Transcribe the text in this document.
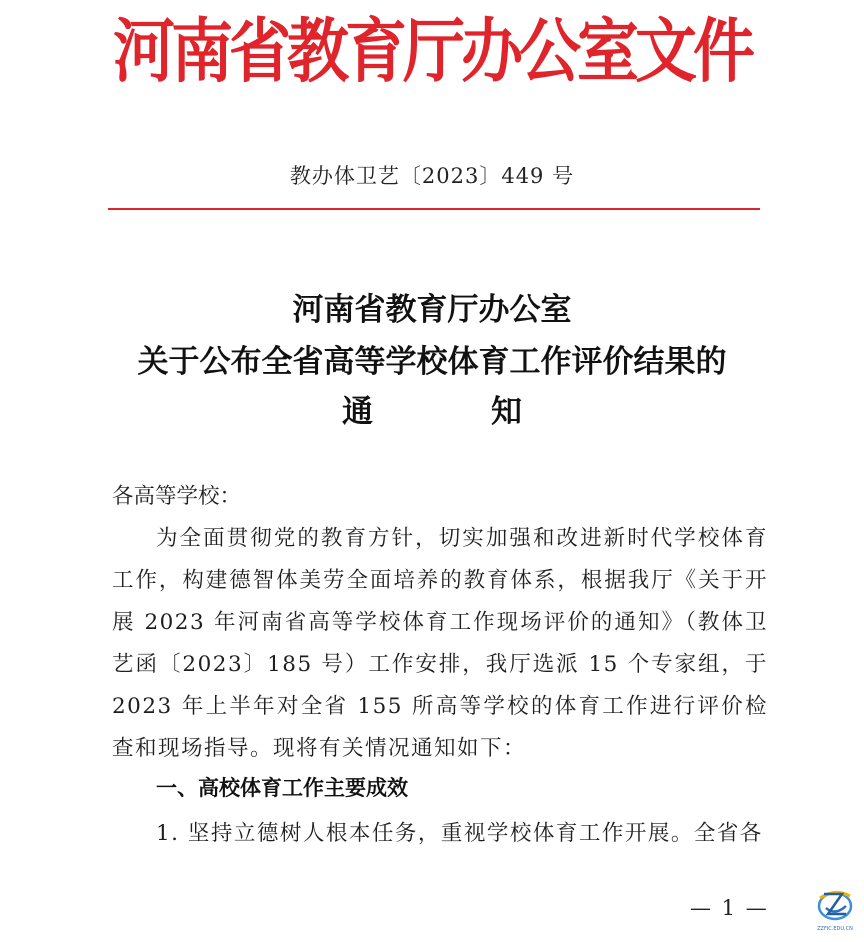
河南省教育厅办公室文件
教办体卫艺〔2023〕449 号
河南省教育厅办公室
关于公布全省高等学校体育工作评价结果的
通	知
各高等学校：
为全面贯彻党的教育方针，切实加强和改进新时代学校体育工作，构建德智体美劳全面培养的教育体系，根据我厅《关于开展 2023 年河南省高等学校体育工作现场评价的通知》（教体卫艺函〔2023〕185 号）工作安排，我厅选派 15 个专家组，于 2023 年上半年对全省 155 所高等学校的体育工作进行评价检查和现场指导。现将有关情况通知如下：
一、高校体育工作主要成效
1. 坚持立德树人根本任务，重视学校体育工作开展。全省各
— 1 —
ZZFIC.EDU.CN
